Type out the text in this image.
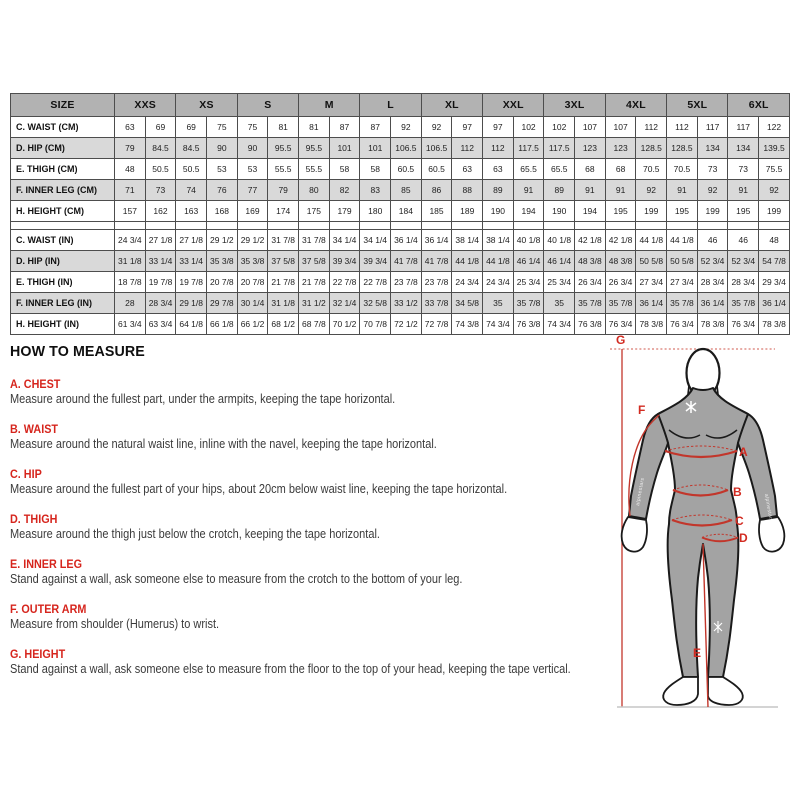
SIZE	XXS		XS		S		M		L		XL		XXL		3XL		4XL		5XL		6XL	
C. WAIST (CM)	63	69	69	75	75	81	81	87	87	92	92	97	97	102	102	107	107	112	112	117	117	122
D. HIP (CM)	79	84.5	84.5	90	90	95.5	95.5	101	101	106.5	106.5	112	112	117.5	117.5	123	123	128.5	128.5	134	134	139.5
E. THIGH (CM)	48	50.5	50.5	53	53	55.5	55.5	58	58	60.5	60.5	63	63	65.5	65.5	68	68	70.5	70.5	73	73	75.5
F. INNER LEG (CM)	71	73	74	76	77	79	80	82	83	85	86	88	89	91	89	91	91	92	91	92	91	92
H. HEIGHT (CM)	157	162	163	168	169	174	175	179	180	184	185	189	190	194	190	194	195	199	195	199	195	199

C. WAIST (IN)	24 3/4	27 1/8	27 1/8	29 1/2	29 1/2	31 7/8	31 7/8	34 1/4	34 1/4	36 1/4	36 1/4	38 1/4	38 1/4	40 1/8	40 1/8	42 1/8	42 1/8	44 1/8	44 1/8	46	46	48
D. HIP (IN)	31 1/8	33 1/4	33 1/4	35 3/8	35 3/8	37 5/8	37 5/8	39 3/4	39 3/4	41 7/8	41 7/8	44 1/8	44 1/8	46 1/4	46 1/4	48 3/8	48 3/8	50 5/8	50 5/8	52 3/4	52 3/4	54 7/8
E. THIGH (IN)	18 7/8	19 7/8	19 7/8	20 7/8	20 7/8	21 7/8	21 7/8	22 7/8	22 7/8	23 7/8	23 7/8	24 3/4	24 3/4	25 3/4	25 3/4	26 3/4	26 3/4	27 3/4	27 3/4	28 3/4	28 3/4	29 3/4
F. INNER LEG (IN)	28	28 3/4	29 1/8	29 7/8	30 1/4	31 1/8	31 1/2	32 1/4	32 5/8	33 1/2	33 7/8	34 5/8	35	35 7/8	35	35 7/8	35 7/8	36 1/4	35 7/8	36 1/4	35 7/8	36 1/4
H. HEIGHT (IN)	61 3/4	63 3/4	64 1/8	66 1/8	66 1/2	68 1/2	68 7/8	70 1/2	70 7/8	72 1/2	72 7/8	74 3/8	74 3/4	76 3/8	74 3/4	76 3/8	76 3/4	78 3/8	76 3/4	78 3/8	76 3/4	78 3/8
HOW TO MEASURE
A. CHEST

Measure around the fullest part, under the armpits, keeping the tape horizontal.

B. WAIST

Measure around the natural waist line, inline with the navel, keeping the tape horizontal.

C. HIP

Measure around the fullest part of your hips, about 20cm below waist line, keeping the tape horizontal.

D. THIGH

Measure around the thigh just below the crotch, keeping the tape horizontal.

E. INNER LEG

Stand against a wall, ask someone else to measure from the crotch to the bottom of your leg.

F. OUTER ARM

Measure from shoulder (Humerus) to wrist.

G. HEIGHT

Stand against a wall, ask someone else to measure from the floor to the top of your head, keeping the tape vertical.

G
alpinestars
alpinestars
A
B
C
D
E
F
